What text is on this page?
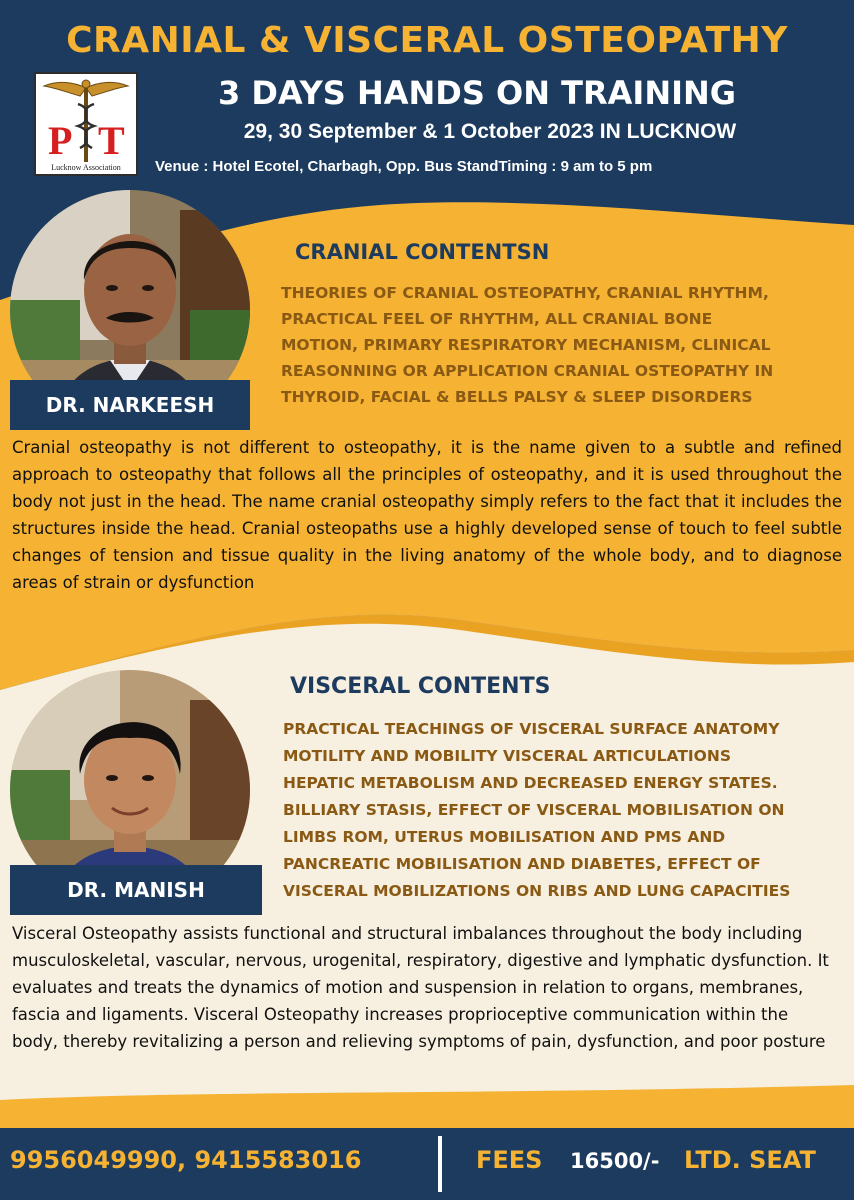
CRANIAL & VISCERAL OSTEOPATHY
3 DAYS HANDS ON TRAINING
29, 30 September & 1 October 2023 IN LUCKNOW
Venue : Hotel Ecotel, Charbagh, Opp. Bus StandTiming : 9 am to 5 pm
P T
Lucknow Association
DR. NARKEESH
CRANIAL CONTENTSN
THEORIES OF CRANIAL OSTEOPATHY, CRANIAL RHYTHM,
PRACTICAL FEEL OF RHYTHM, ALL CRANIAL BONE
MOTION, PRIMARY RESPIRATORY MECHANISM, CLINICAL
REASONNING OR APPLICATION CRANIAL OSTEOPATHY IN
THYROID, FACIAL & BELLS PALSY & SLEEP DISORDERS
Cranial osteopathy is not different to osteopathy, it is the name given to a subtle and refined approach to osteopathy that follows all the principles of osteopathy, and it is used throughout the body not just in the head. The name cranial osteopathy simply refers to the fact that it includes the structures inside the head. Cranial osteopaths use a highly developed sense of touch to feel subtle changes of tension and tissue quality in the living anatomy of the whole body, and to diagnose areas of strain or dysfunction
DR. MANISH
VISCERAL CONTENTS
PRACTICAL TEACHINGS OF VISCERAL SURFACE ANATOMY
MOTILITY AND MOBILITY VISCERAL ARTICULATIONS
HEPATIC METABOLISM AND DECREASED ENERGY STATES.
BILLIARY STASIS, EFFECT OF VISCERAL MOBILISATION ON
LIMBS ROM, UTERUS MOBILISATION AND PMS AND
PANCREATIC MOBILISATION AND DIABETES, EFFECT OF
VISCERAL MOBILIZATIONS ON RIBS AND LUNG CAPACITIES
Visceral Osteopathy assists functional and structural imbalances throughout the body including musculoskeletal, vascular, nervous, urogenital, respiratory, digestive and lymphatic dysfunction. It evaluates and treats the dynamics of motion and suspension in relation to organs, membranes, fascia and ligaments. Visceral Osteopathy increases proprioceptive communication within the body, thereby revitalizing a person and relieving symptoms of pain, dysfunction, and poor posture
9956049990, 9415583016	FEES 16500/- LTD. SEAT
